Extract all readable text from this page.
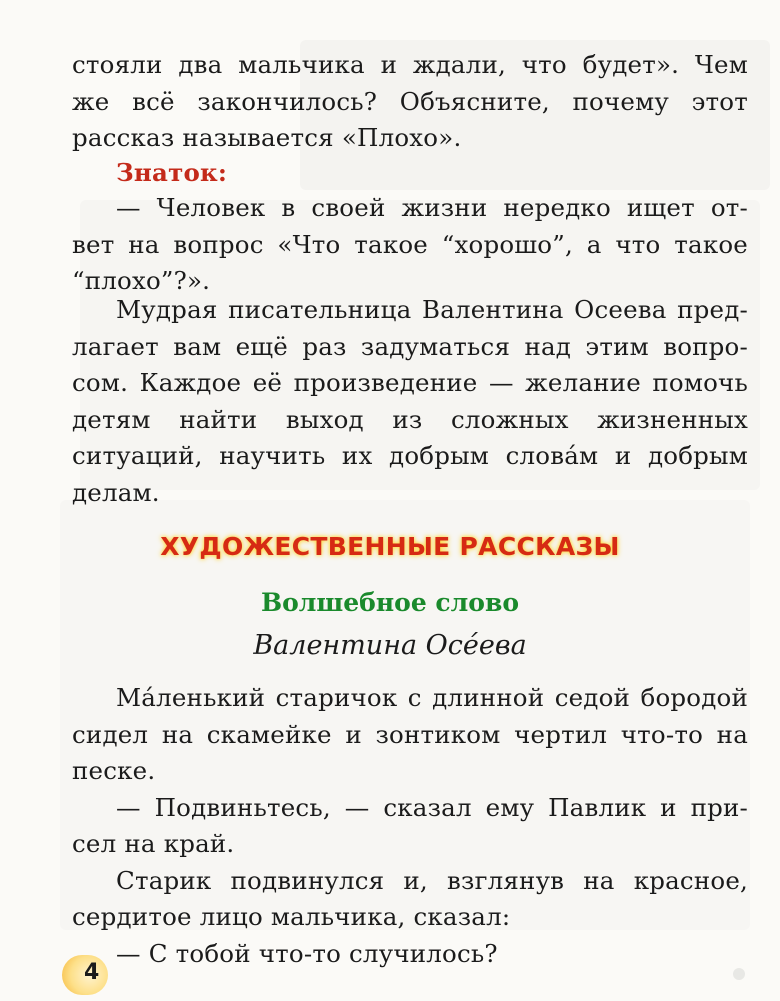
стояли два мальчика и ждали, что будет». Чем
же всё закончилось? Объясните, почему этот
рассказ называется «Плохо».
Знаток:
— Человек в своей жизни нередко ищет от-
вет на вопрос «Что такое “хорошо”, а что такое
“плохо”?».
Мудрая писательница Валентина Осеева пред-
лагает вам ещё раз задуматься над этим вопро-
сом. Каждое её произведение — желание помочь
детям найти выход из сложных жизненных
ситуаций, научить их добрым слова́м и добрым
делам.
ХУДОЖЕСТВЕННЫЕ РАССКАЗЫ
Волшебное слово
Валентина Осе́ева
Ма́ленький старичок с длинной седой бородой
сидел на скамейке и зонтиком чертил что-то на
песке.
— Подвиньтесь, — сказал ему Павлик и при-
сел на край.
Старик подвинулся и, взглянув на красное,
сердитое лицо мальчика, сказал:
— С тобой что-то случилось?
4
